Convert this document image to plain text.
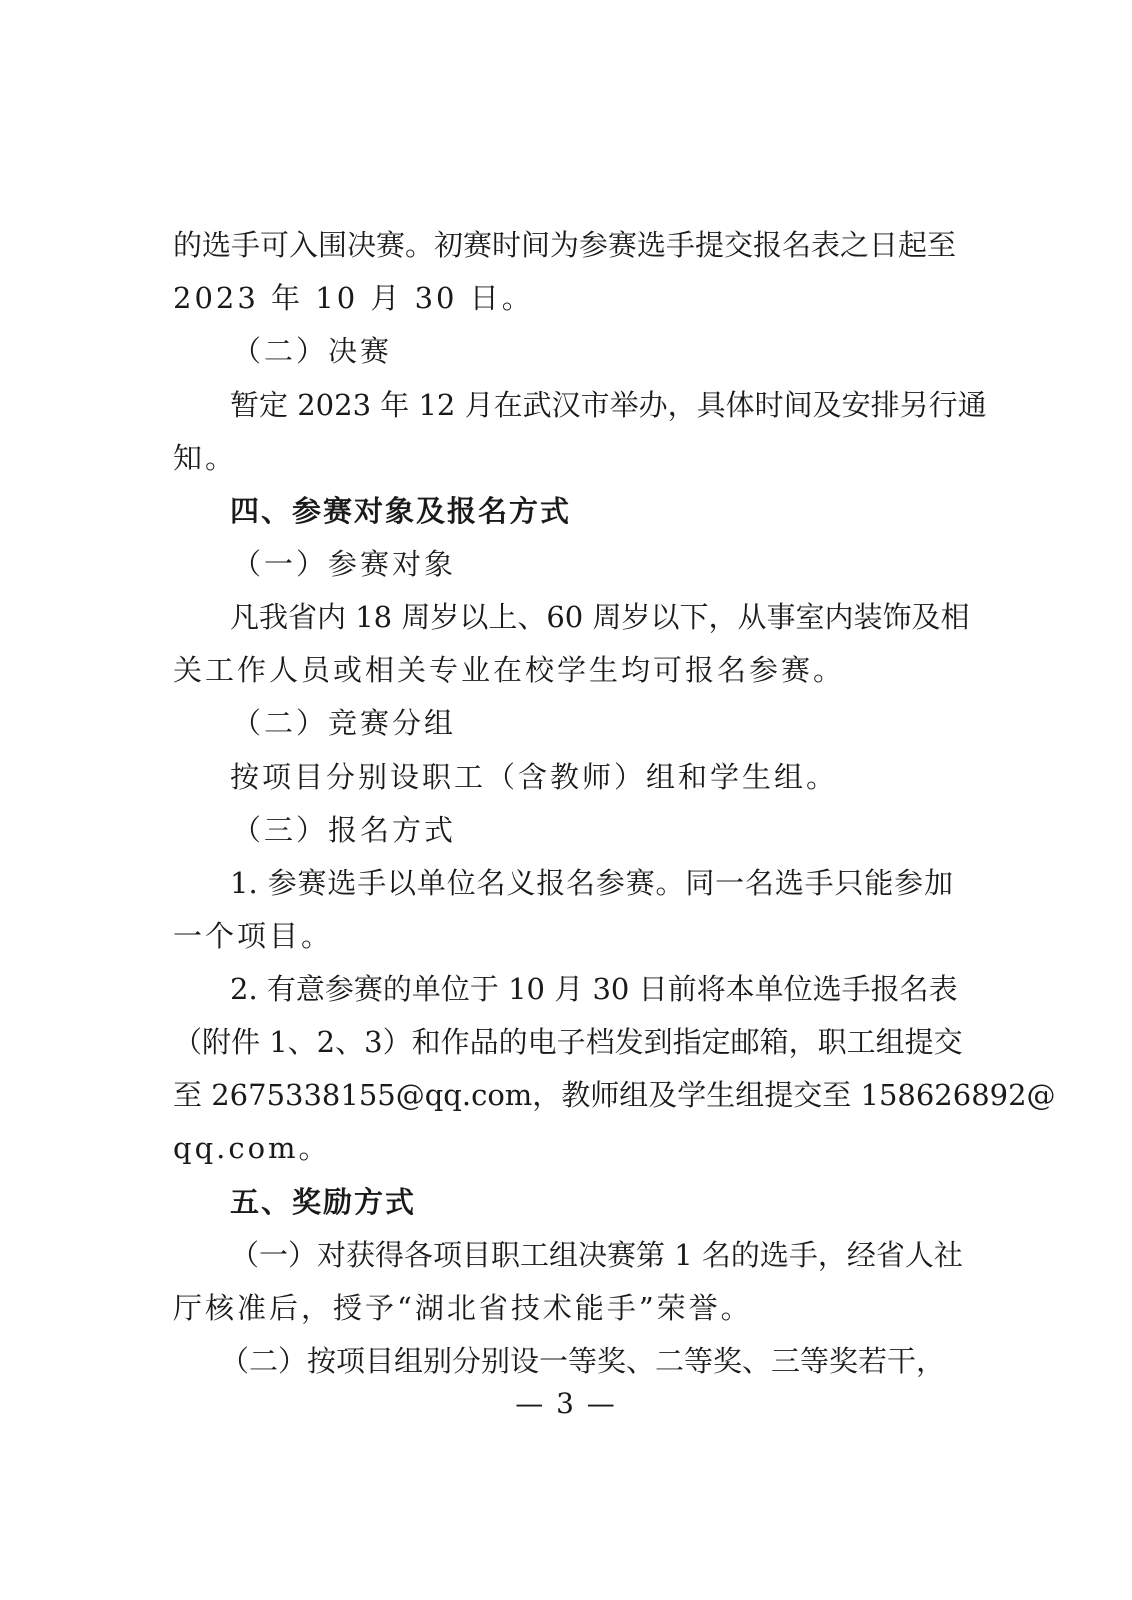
的选手可入围决赛。初赛时间为参赛选手提交报名表之日起至
2023 年 10 月 30 日。
（二）决赛
暂定 2023 年 12 月在武汉市举办，具体时间及安排另行通
知。
四、参赛对象及报名方式
（一）参赛对象
凡我省内 18 周岁以上、60 周岁以下，从事室内装饰及相
关工作人员或相关专业在校学生均可报名参赛。
（二）竞赛分组
按项目分别设职工（含教师）组和学生组。
（三）报名方式
1. 参赛选手以单位名义报名参赛。同一名选手只能参加
一个项目。
2. 有意参赛的单位于 10 月 30 日前将本单位选手报名表
（附件 1、2、3）和作品的电子档发到指定邮箱，职工组提交
至 2675338155@qq.com，教师组及学生组提交至 158626892@
qq.com。
五、奖励方式
（一）对获得各项目职工组决赛第 1 名的选手，经省人社
厅核准后，授予“湖北省技术能手”荣誉。
（二）按项目组别分别设一等奖、二等奖、三等奖若干，
— 3 —
